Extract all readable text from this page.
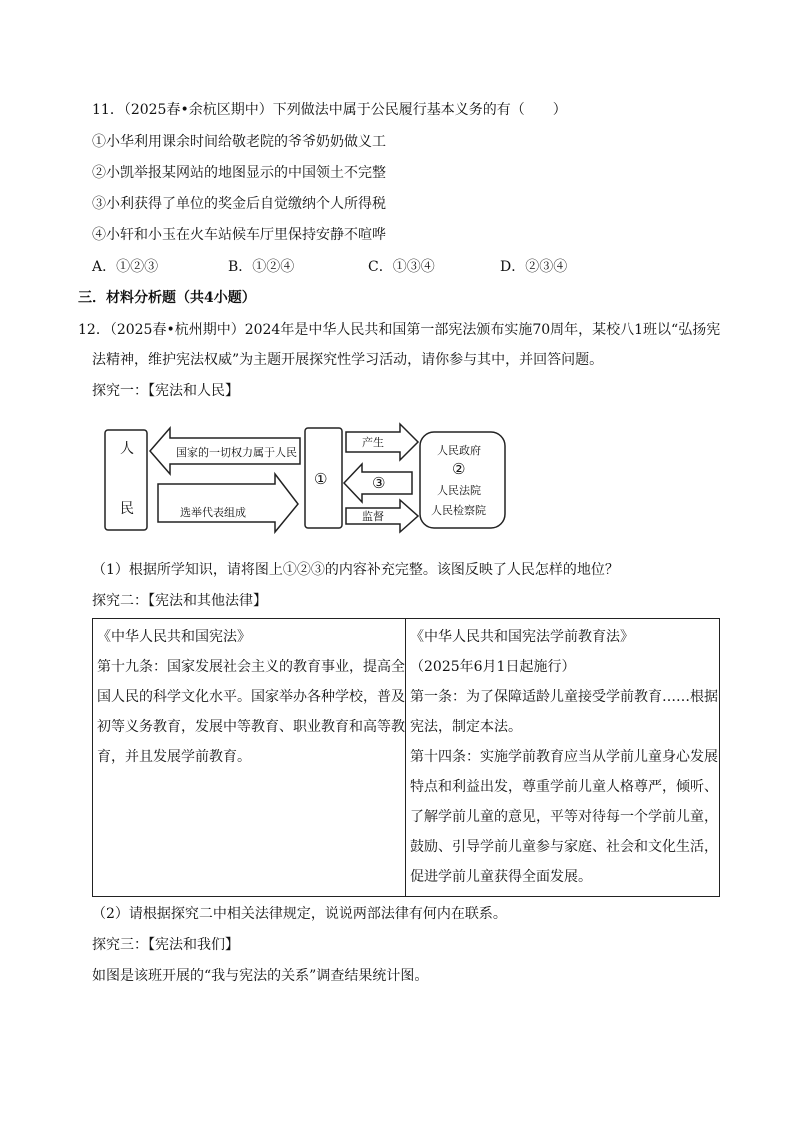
11．（2025春•余杭区期中）下列做法中属于公民履行基本义务的有（　　）
①小华利用课余时间给敬老院的爷爷奶奶做义工
②小凯举报某网站的地图显示的中国领土不完整
③小利获得了单位的奖金后自觉缴纳个人所得税
④小轩和小玉在火车站候车厅里保持安静不喧哗
A．①②③	B．①②④	C．①③④	D．②③④
三．材料分析题（共4小题）
12．（2025春•杭州期中）2024年是中华人民共和国第一部宪法颁布实施70周年，某校八1班以“弘扬宪
法精神，维护宪法权威”为主题开展探究性学习活动，请你参与其中，并回答问题。
探究一：【宪法和人民】
人
民
国家的一切权力属于人民
选举代表组成
①
产生
③
监督
人民政府
②
人民法院
人民检察院
（1）根据所学知识，请将图上①②③的内容补充完整。该图反映了人民怎样的地位？
探究二：【宪法和其他法律】
《中华人民共和国宪法》
第十九条：国家发展社会主义的教育事业，提高全
国人民的科学文化水平。国家举办各种学校，普及
初等义务教育，发展中等教育、职业教育和高等教
育，并且发展学前教育。

《中华人民共和国宪法学前教育法》
（2025年6月1日起施行）
第一条：为了保障适龄儿童接受学前教育……根据
宪法，制定本法。
第十四条：实施学前教育应当从学前儿童身心发展
特点和利益出发，尊重学前儿童人格尊严，倾听、
了解学前儿童的意见，平等对待每一个学前儿童，
鼓励、引导学前儿童参与家庭、社会和文化生活，
促进学前儿童获得全面发展。
（2）请根据探究二中相关法律规定，说说两部法律有何内在联系。
探究三：【宪法和我们】
如图是该班开展的“我与宪法的关系”调查结果统计图。
